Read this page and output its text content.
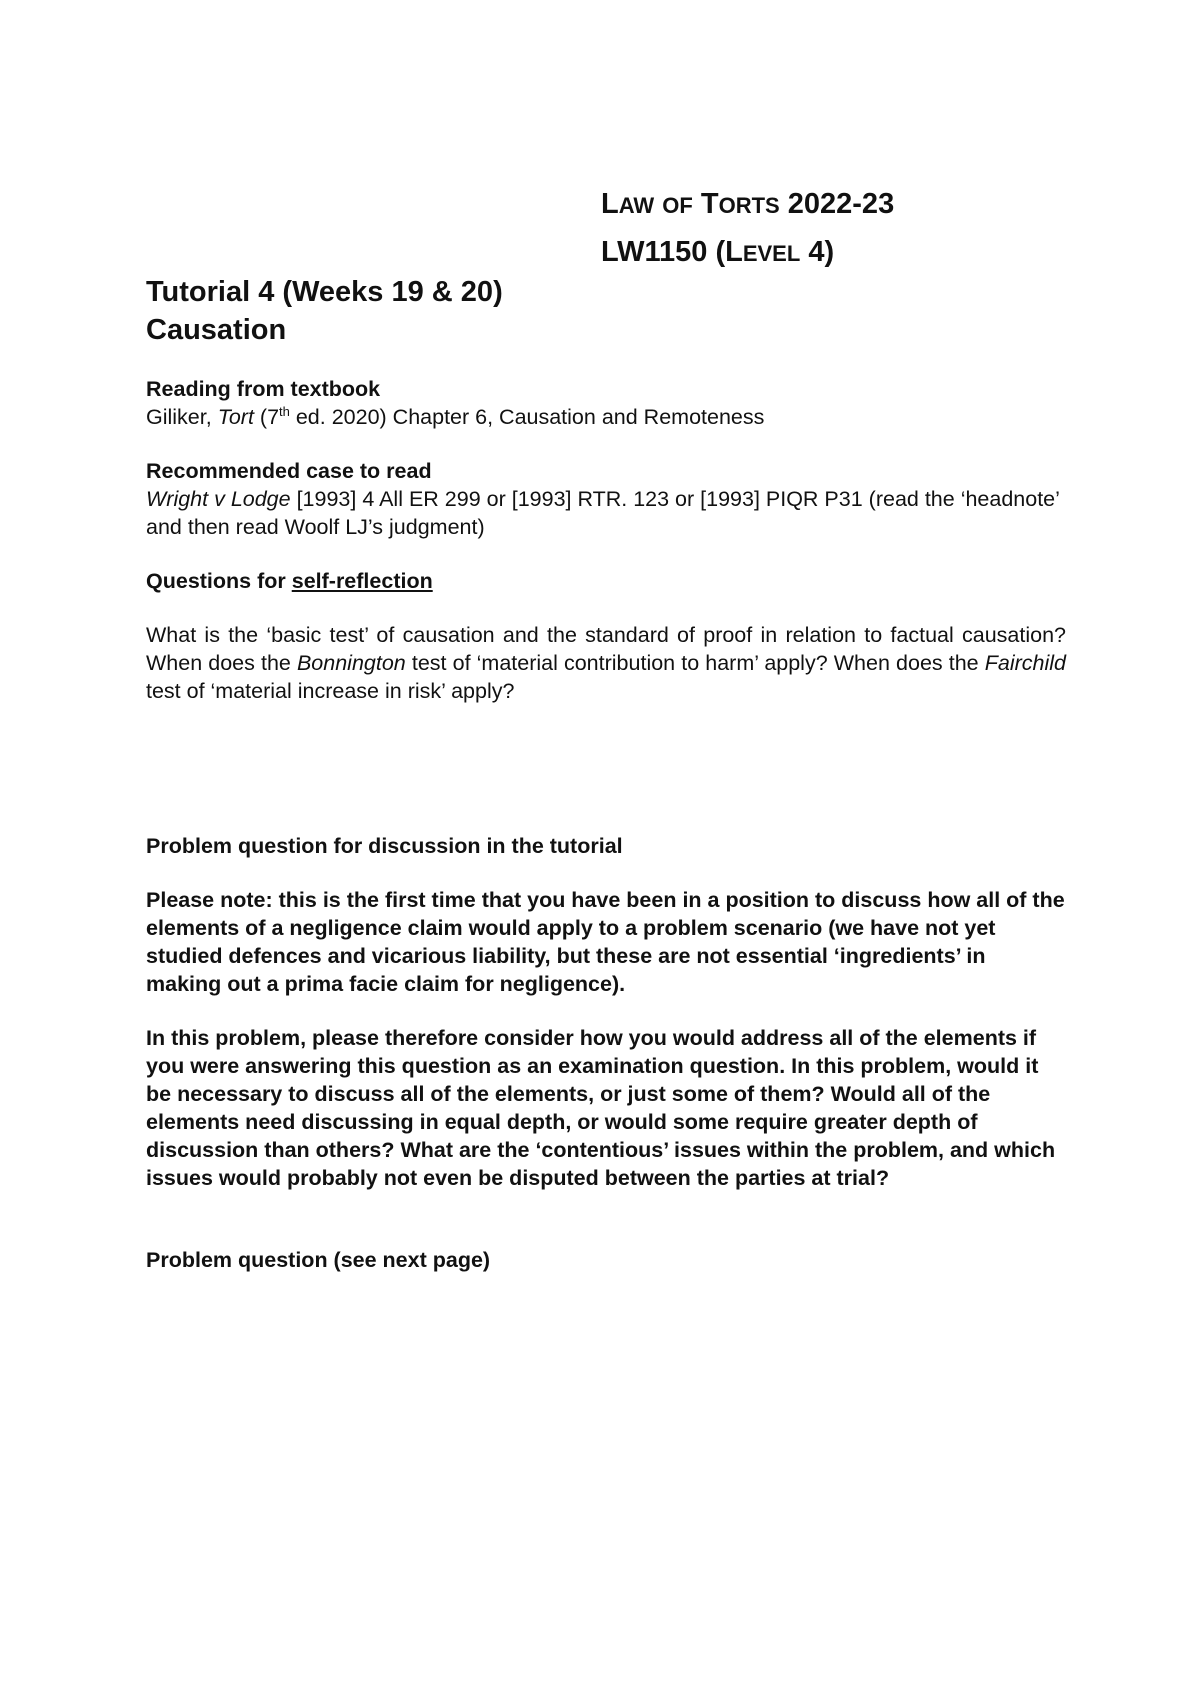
LAW OF TORTS 2022-23
LW1150 (LEVEL 4)
Tutorial 4 (Weeks 19 & 20)
Causation
Reading from textbook
Giliker, Tort (7th ed. 2020) Chapter 6, Causation and Remoteness
Recommended case to read
Wright v Lodge [1993] 4 All ER 299 or [1993] RTR. 123 or [1993] PIQR P31 (read the ‘headnote’ and then read Woolf LJ’s judgment)
Questions for self-reflection
What is the ‘basic test’ of causation and the standard of proof in relation to factual causation? When does the Bonnington test of ‘material contribution to harm’ apply? When does the Fairchild test of ‘material increase in risk’ apply?
Problem question for discussion in the tutorial
Please note: this is the first time that you have been in a position to discuss how all of the elements of a negligence claim would apply to a problem scenario (we have not yet studied defences and vicarious liability, but these are not essential ‘ingredients’ in making out a prima facie claim for negligence).
In this problem, please therefore consider how you would address all of the elements if you were answering this question as an examination question. In this problem, would it be necessary to discuss all of the elements, or just some of them? Would all of the elements need discussing in equal depth, or would some require greater depth of discussion than others? What are the ‘contentious’ issues within the problem, and which issues would probably not even be disputed between the parties at trial?
Problem question (see next page)
